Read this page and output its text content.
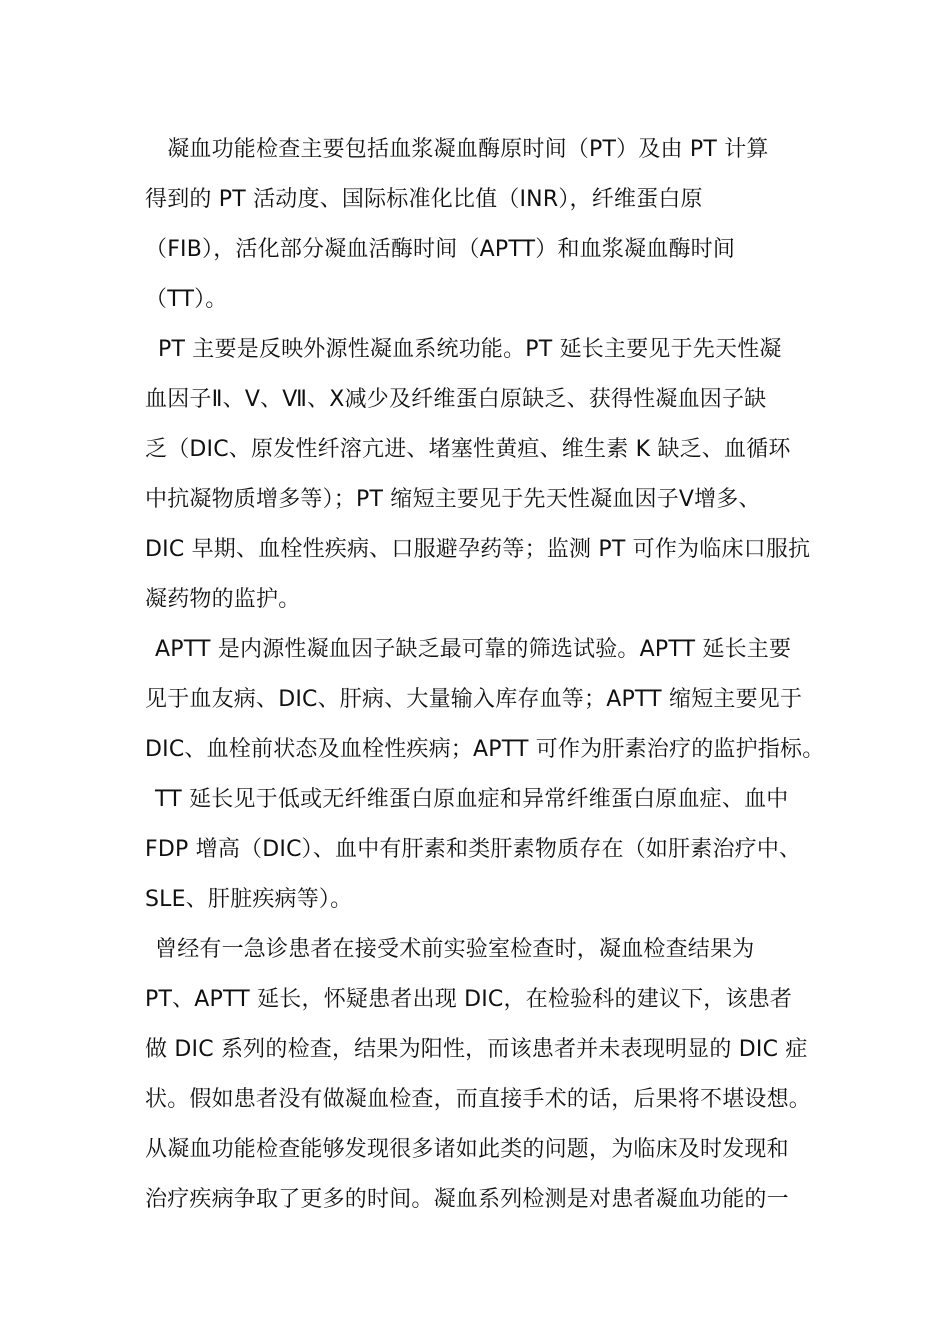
　凝血功能检查主要包括血浆凝血酶原时间（PT）及由 PT 计算
得到的 PT 活动度、国际标准化比值（INR），纤维蛋白原
（FIB），活化部分凝血活酶时间（APTT）和血浆凝血酶时间
（TT）。
PT 主要是反映外源性凝血系统功能。PT 延长主要见于先天性凝
血因子Ⅱ、Ⅴ、Ⅶ、Ⅹ减少及纤维蛋白原缺乏、获得性凝血因子缺
乏（DIC、原发性纤溶亢进、堵塞性黄疸、维生素 K 缺乏、血循环
中抗凝物质增多等）；PT 缩短主要见于先天性凝血因子Ⅴ增多、
DIC 早期、血栓性疾病、口服避孕药等；监测 PT 可作为临床口服抗
凝药物的监护。
APTT 是内源性凝血因子缺乏最可靠的筛选试验。APTT 延长主要
见于血友病、DIC、肝病、大量输入库存血等；APTT 缩短主要见于
DIC、血栓前状态及血栓性疾病；APTT 可作为肝素治疗的监护指标。
TT 延长见于低或无纤维蛋白原血症和异常纤维蛋白原血症、血中
FDP 增高（DIC）、血中有肝素和类肝素物质存在（如肝素治疗中、
SLE、肝脏疾病等）。
曾经有一急诊患者在接受术前实验室检查时，凝血检查结果为
PT、APTT 延长，怀疑患者出现 DIC，在检验科的建议下，该患者
做 DIC 系列的检查，结果为阳性，而该患者并未表现明显的 DIC 症
状。假如患者没有做凝血检查，而直接手术的话，后果将不堪设想。
从凝血功能检查能够发现很多诸如此类的问题，为临床及时发现和
治疗疾病争取了更多的时间。凝血系列检测是对患者凝血功能的一
